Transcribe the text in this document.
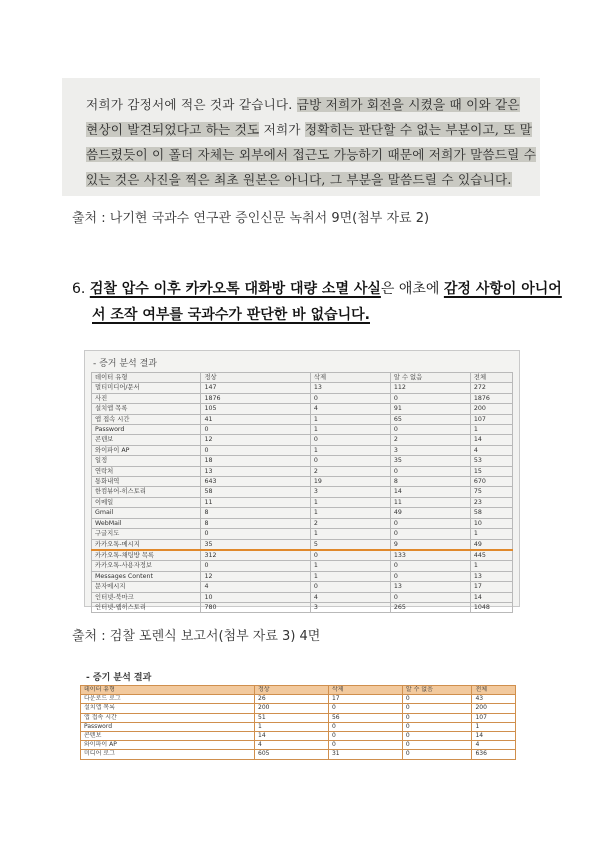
저희가 감정서에 적은 것과 같습니다. 금방 저희가 회전을 시켰을 때 이와 같은
현상이 발견되었다고 하는 것도 저희가 정확히는 판단할 수 없는 부분이고, 또 말
씀드렸듯이 이 폴더 자체는 외부에서 접근도 가능하기 때문에 저희가 말씀드릴 수
있는 것은 사진을 찍은 최초 원본은 아니다, 그 부분을 말씀드릴 수 있습니다.
출처 : 나기현 국과수 연구관 증인신문 녹취서 9면(첨부 자료 2)
6. 검찰 압수 이후 카카오톡 대화방 대량 소멸 사실은 애초에 감정 사항이 아니어
서 조작 여부를 국과수가 판단한 바 없습니다.
- 증거 분석 결과
데이터 유형	정상	삭제	알 수 없음	전체
멀티미디어/문서	147	13	112	272
사진	1876	0	0	1876
설치앱 목록	105	4	91	200
앱 접속 시간	41	1	65	107
Password	0	1	0	1
콘텐보	12	0	2	14
와이파이 AP	0	1	3	4
일정	18	0	35	53
연락처	13	2	0	15
통화내역	643	19	8	670
한컴뷰어-히스토리	58	3	14	75
이메일	11	1	11	23
Gmail	8	1	49	58
WebMail	8	2	0	10
구글지도	0	1	0	1
카카오톡-메시지	35	5	9	49
카카오톡-채팅방 목록	312	0	133	445
카카오톡-사용자정보	0	1	0	1
Messages Content	12	1	0	13
문자메시지	4	0	13	17
인터넷-북마크	10	4	0	14
인터넷-웹히스토리	780	3	265	1048
출처 : 검찰 포렌식 보고서(첨부 자료 3) 4면
- 증기 분석 결과
데이터 유형	정상	삭제	알 수 없음	전체
다운로드 로그	26	17	0	43
설치앱 목록	200	0	0	200
앱 접속 시간	51	56	0	107
Password	1	0	0	1
콘텐보	14	0	0	14
와이파이 AP	4	0	0	4
미디어 로그	605	31	0	636
